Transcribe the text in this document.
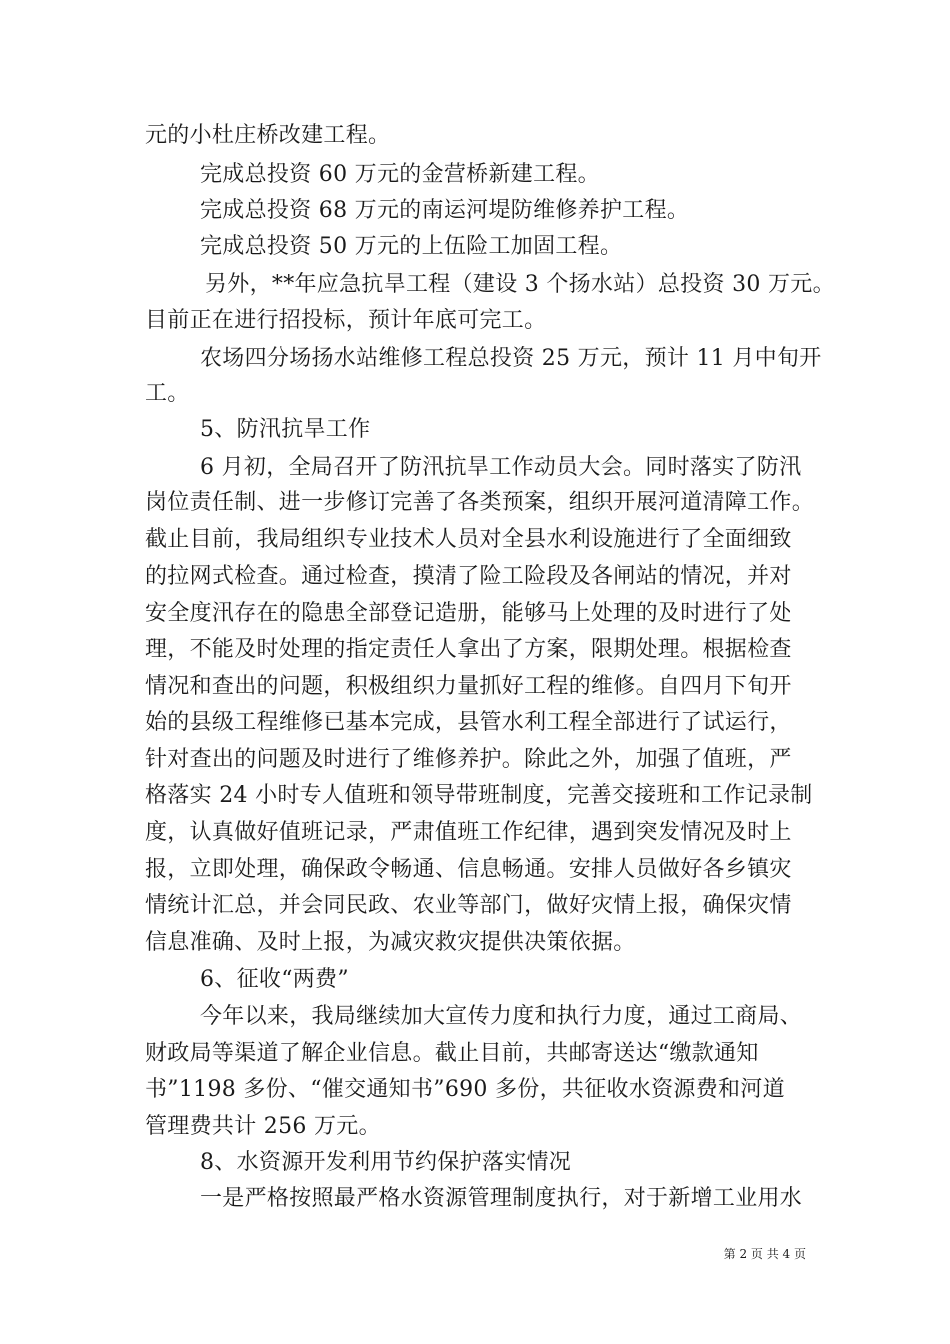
元的小杜庄桥改建工程。
完成总投资 60 万元的金营桥新建工程。
完成总投资 68 万元的南运河堤防维修养护工程。
完成总投资 50 万元的上伍险工加固工程。
另外，**年应急抗旱工程（建设 3 个扬水站）总投资 30 万元。
目前正在进行招投标，预计年底可完工。
农场四分场扬水站维修工程总投资 25 万元，预计 11 月中旬开
工。
5、防汛抗旱工作
6 月初，全局召开了防汛抗旱工作动员大会。同时落实了防汛
岗位责任制、进一步修订完善了各类预案，组织开展河道清障工作。
截止目前，我局组织专业技术人员对全县水利设施进行了全面细致
的拉网式检查。通过检查，摸清了险工险段及各闸站的情况，并对
安全度汛存在的隐患全部登记造册，能够马上处理的及时进行了处
理，不能及时处理的指定责任人拿出了方案，限期处理。根据检查
情况和查出的问题，积极组织力量抓好工程的维修。自四月下旬开
始的县级工程维修已基本完成，县管水利工程全部进行了试运行，
针对查出的问题及时进行了维修养护。除此之外，加强了值班，严
格落实 24 小时专人值班和领导带班制度，完善交接班和工作记录制
度，认真做好值班记录，严肃值班工作纪律，遇到突发情况及时上
报，立即处理，确保政令畅通、信息畅通。安排人员做好各乡镇灾
情统计汇总，并会同民政、农业等部门，做好灾情上报，确保灾情
信息准确、及时上报，为减灾救灾提供决策依据。
6、征收“两费”
今年以来，我局继续加大宣传力度和执行力度，通过工商局、
财政局等渠道了解企业信息。截止目前，共邮寄送达“缴款通知
书”1198 多份、“催交通知书”690 多份，共征收水资源费和河道
管理费共计 256 万元。
8、水资源开发利用节约保护落实情况
一是严格按照最严格水资源管理制度执行，对于新增工业用水
第 2 页 共 4 页
